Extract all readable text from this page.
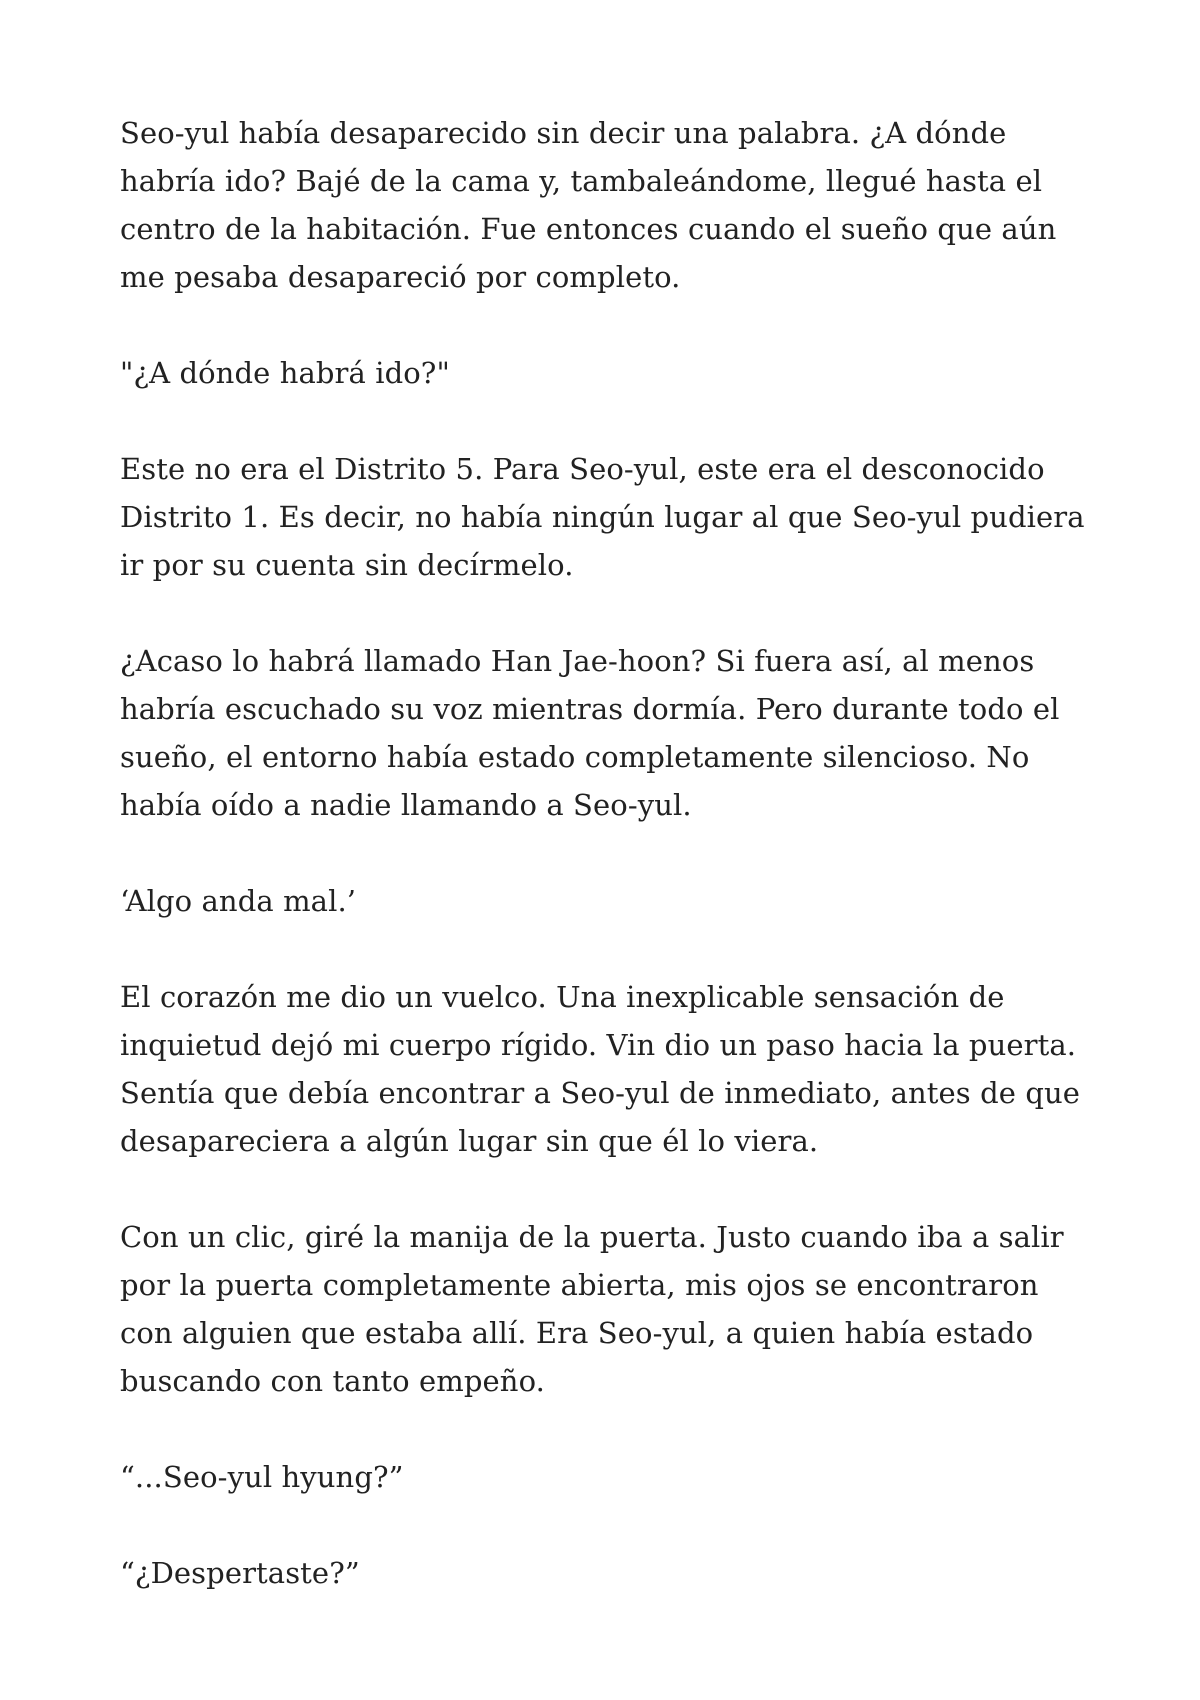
Seo-yul había desaparecido sin decir una palabra. ¿A dónde habría ido? Bajé de la cama y, tambaleándome, llegué hasta el centro de la habitación. Fue entonces cuando el sueño que aún me pesaba desapareció por completo.

"¿A dónde habrá ido?"

Este no era el Distrito 5. Para Seo-yul, este era el desconocido Distrito 1. Es decir, no había ningún lugar al que Seo-yul pudiera ir por su cuenta sin decírmelo.

¿Acaso lo habrá llamado Han Jae-hoon? Si fuera así, al menos habría escuchado su voz mientras dormía. Pero durante todo el sueño, el entorno había estado completamente silencioso. No había oído a nadie llamando a Seo-yul.

‘Algo anda mal.’

El corazón me dio un vuelco. Una inexplicable sensación de inquietud dejó mi cuerpo rígido. Vin dio un paso hacia la puerta. Sentía que debía encontrar a Seo-yul de inmediato, antes de que desapareciera a algún lugar sin que él lo viera.

Con un clic, giré la manija de la puerta. Justo cuando iba a salir por la puerta completamente abierta, mis ojos se encontraron con alguien que estaba allí. Era Seo-yul, a quien había estado buscando con tanto empeño.

“...Seo-yul hyung?”

“¿Despertaste?”
